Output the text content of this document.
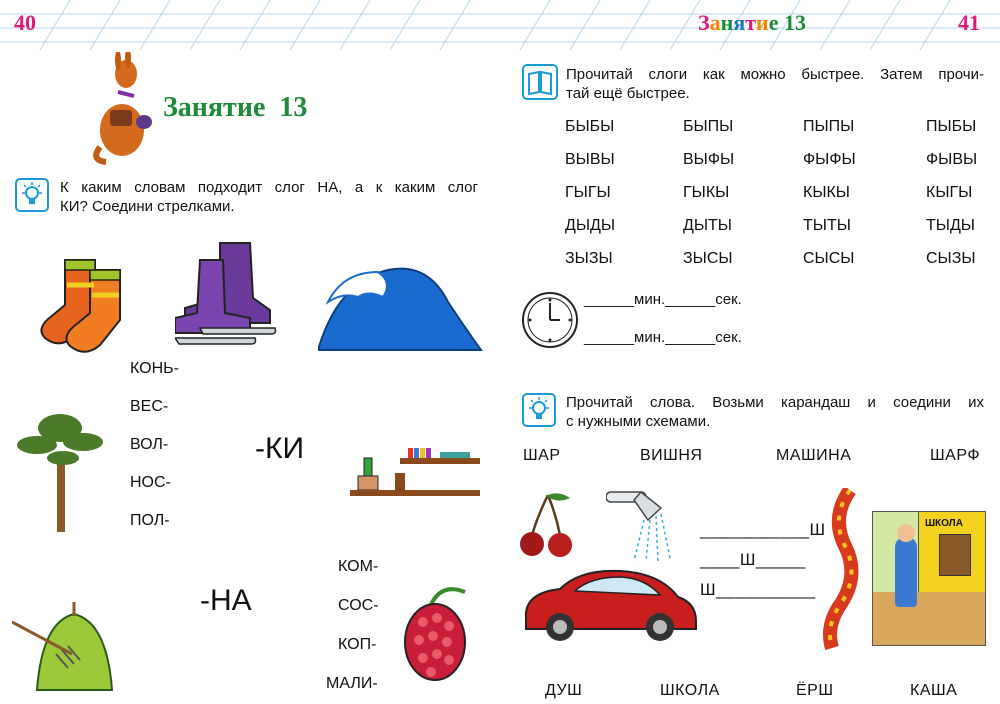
40
Занятие  13
К каким словам подходит слог НА, а к каким слог
КИ? Соедини стрелками.
КОНЬ-
ВЕС-
ВОЛ-
НОС-
ПОЛ-
-КИ
-НА
КОМ-
СОС-
КОП-
МАЛИ-
Занятие 13	41
Прочитай слоги как можно быстрее. Затем прочи-
тай ещё быстрее.
БЫБЫ	БЫПЫ	ПЫПЫ	ПЫБЫ
ВЫВЫ	ВЫФЫ	ФЫФЫ	ФЫВЫ
ГЫГЫ	ГЫКЫ	КЫКЫ	КЫГЫ
ДЫДЫ	ДЫТЫ	ТЫТЫ	ТЫДЫ
ЗЫЗЫ	ЗЫСЫ	СЫСЫ	СЫЗЫ
______мин.______сек.
______мин.______сек.
Прочитай слова. Возьми карандаш и соедини их
с нужными схемами.
ШАР	ВИШНЯ	МАШИНА	ШАРФ
___________Ш
____Ш_____
Ш__________
ШКОЛА
ДУШ	ШКОЛА	ЁРШ	КАША
